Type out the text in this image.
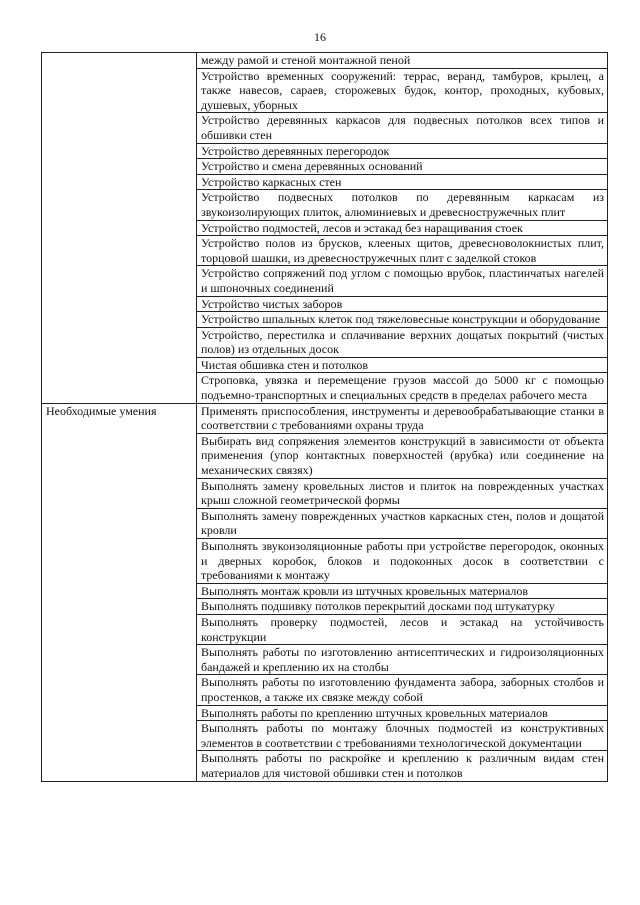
16
	между рамой и стеной монтажной пеной
	Устройство временных сооружений: террас, веранд, тамбуров, крылец, а также навесов, сараев, сторожевых будок, контор, проходных, кубовых, душевых, уборных
	Устройство деревянных каркасов для подвесных потолков всех типов и обшивки стен
	Устройство деревянных перегородок
	Устройство и смена деревянных оснований
	Устройство каркасных стен
	Устройство подвесных потолков по деревянным каркасам из звукоизолирующих плиток, алюминиевых и древесностружечных плит
	Устройство подмостей, лесов и эстакад без наращивания стоек
	Устройство полов из брусков, клееных щитов, древесноволокнистых плит, торцовой шашки, из древесностружечных плит с заделкой стоков
	Устройство сопряжений под углом с помощью врубок, пластинчатых нагелей и шпоночных соединений
	Устройство чистых заборов
	Устройство шпальных клеток под тяжеловесные конструкции и оборудование
	Устройство, перестилка и сплачивание верхних дощатых покрытий (чистых полов) из отдельных досок
	Чистая обшивка стен и потолков
	Строповка, увязка и перемещение грузов массой до 5000 кг с помощью подъемно-транспортных и специальных средств в пределах рабочего места
Необходимые умения	Применять приспособления, инструменты и деревообрабатывающие станки в соответствии с требованиями охраны труда
	Выбирать вид сопряжения элементов конструкций в зависимости от объекта применения (упор контактных поверхностей (врубка) или соединение на механических связях)
	Выполнять замену кровельных листов и плиток на поврежденных участках крыш сложной геометрической формы
	Выполнять замену поврежденных участков каркасных стен, полов и дощатой кровли
	Выполнять звукоизоляционные работы при устройстве перегородок, оконных и дверных коробок, блоков и подоконных досок в соответствии с требованиями к монтажу
	Выполнять монтаж кровли из штучных кровельных материалов
	Выполнять подшивку потолков перекрытий досками под штукатурку
	Выполнять проверку подмостей, лесов и эстакад на устойчивость конструкции
	Выполнять работы по изготовлению антисептических и гидроизоляционных бандажей и креплению их на столбы
	Выполнять работы по изготовлению фундамента забора, заборных столбов и простенков, а также их связке между собой
	Выполнять работы по креплению штучных кровельных материалов
	Выполнять работы по монтажу блочных подмостей из конструктивных элементов в соответствии с требованиями технологической документации
	Выполнять работы по раскройке и креплению к различным видам стен материалов для чистовой обшивки стен и потолков
